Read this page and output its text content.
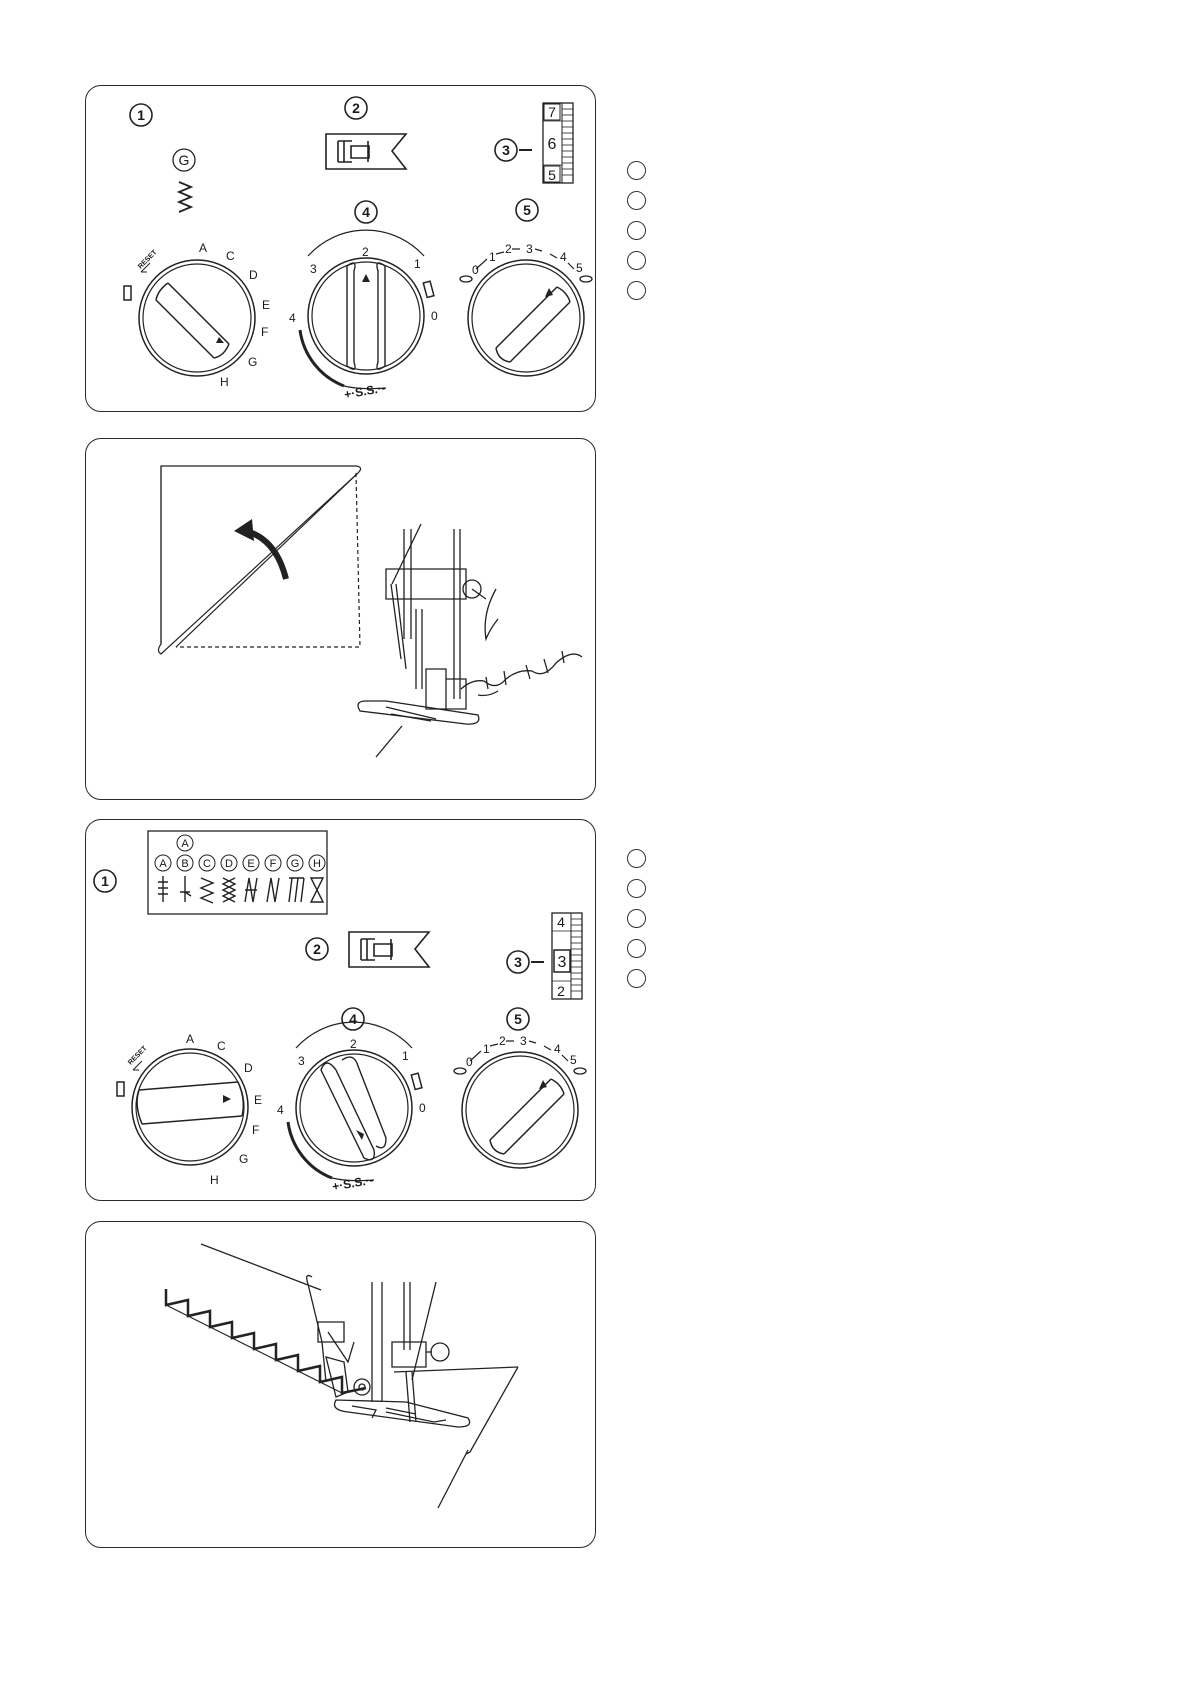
1
G
2
3
7
6
5
4	5
RESET
A
C
D
E
F
G
H
3
2
1
4	0
+·S.S.·-
0
1
2 3
4
5
A
A B C D E F G H
1
2
3
4
3
2
4	5
RESET
A C
D
E
F
G
H
3
2
1
4	0
+·S.S.·-
0
1
2 3
4
5
